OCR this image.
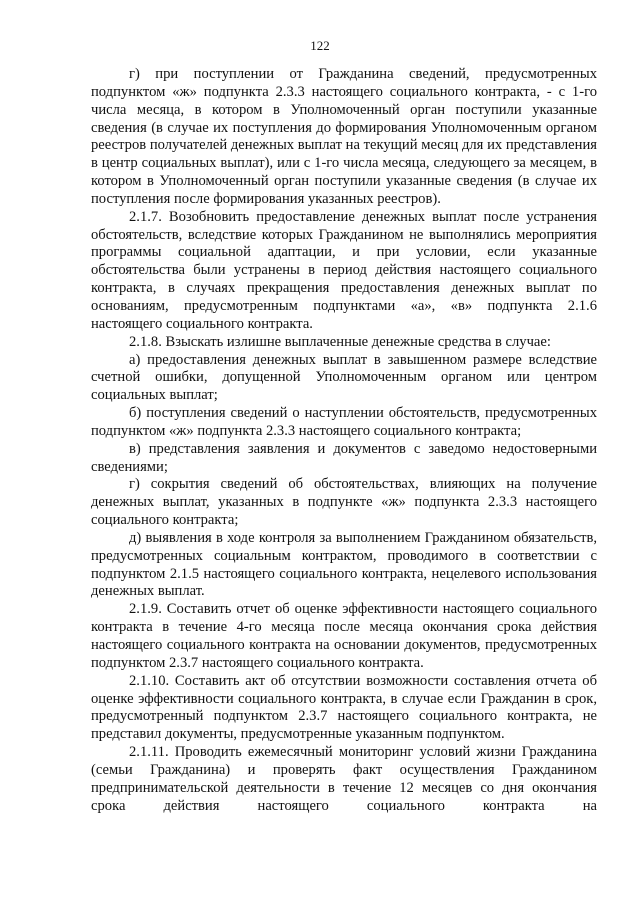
122

г) при поступлении от Гражданина сведений, предусмотренных подпунктом «ж» подпункта 2.3.3 настоящего социального контракта, - с 1-го числа месяца, в котором в Уполномоченный орган поступили указанные сведения (в случае их поступления до формирования Уполномоченным органом реестров получателей денежных выплат на текущий месяц для их представления в центр социальных выплат), или с 1-го числа месяца, следующего за месяцем, в котором в Уполномоченный орган поступили указанные сведения (в случае их поступления после формирования указанных реестров).

2.1.7. Возобновить предоставление денежных выплат после устранения обстоятельств, вследствие которых Гражданином не выполнялись мероприятия программы социальной адаптации, и при условии, если указанные обстоятельства были устранены в период действия настоящего социального контракта, в случаях прекращения предоставления денежных выплат по основаниям, предусмотренным подпунктами «а», «в» подпункта 2.1.6 настоящего социального контракта.

2.1.8. Взыскать излишне выплаченные денежные средства в случае:

а) предоставления денежных выплат в завышенном размере вследствие счетной ошибки, допущенной Уполномоченным органом или центром социальных выплат;

б) поступления сведений о наступлении обстоятельств, предусмотренных подпунктом «ж» подпункта 2.3.3 настоящего социального контракта;

в) представления заявления и документов с заведомо недостоверными сведениями;

г) сокрытия сведений об обстоятельствах, влияющих на получение денежных выплат, указанных в подпункте «ж» подпункта 2.3.3 настоящего социального контракта;

д) выявления в ходе контроля за выполнением Гражданином обязательств, предусмотренных социальным контрактом, проводимого в соответствии с подпунктом 2.1.5 настоящего социального контракта, нецелевого использования денежных выплат.

2.1.9. Составить отчет об оценке эффективности настоящего социального контракта в течение 4-го месяца после месяца окончания срока действия настоящего социального контракта на основании документов, предусмотренных подпунктом 2.3.7 настоящего социального контракта.

2.1.10. Составить акт об отсутствии возможности составления отчета об оценке эффективности социального контракта, в случае если Гражданин в срок, предусмотренный подпунктом 2.3.7 настоящего социального контракта, не представил документы, предусмотренные указанным подпунктом.

2.1.11. Проводить ежемесячный мониторинг условий жизни Гражданина (семьи Гражданина) и проверять факт осуществления Гражданином предпринимательской деятельности в течение 12 месяцев со дня окончания срока действия настоящего социального контракта на
